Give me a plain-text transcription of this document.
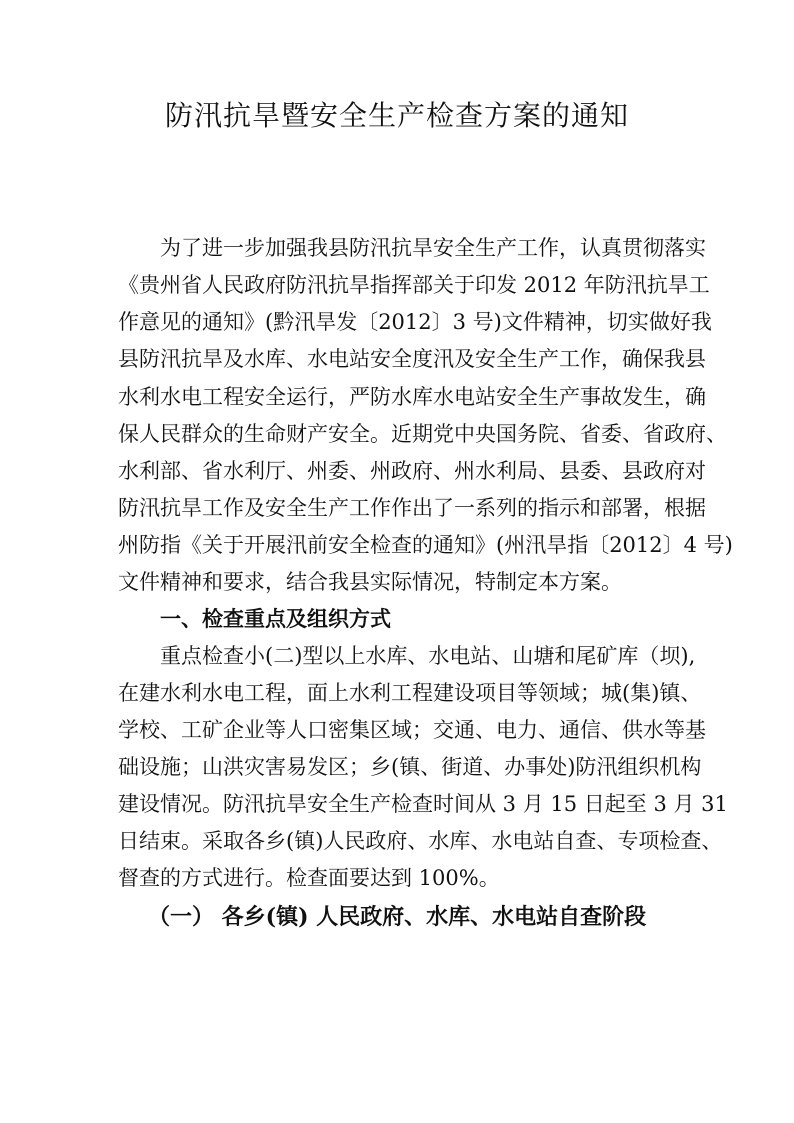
防汛抗旱暨安全生产检查方案的通知
为了进一步加强我县防汛抗旱安全生产工作，认真贯彻落实
《贵州省人民政府防汛抗旱指挥部关于印发 2012 年防汛抗旱工
作意见的通知》(黔汛旱发〔2012〕3 号)文件精神，切实做好我
县防汛抗旱及水库、水电站安全度汛及安全生产工作，确保我县
水利水电工程安全运行，严防水库水电站安全生产事故发生，确
保人民群众的生命财产安全。近期党中央国务院、省委、省政府、
水利部、省水利厅、州委、州政府、州水利局、县委、县政府对
防汛抗旱工作及安全生产工作作出了一系列的指示和部署，根据
州防指《关于开展汛前安全检查的通知》(州汛旱指〔2012〕4 号)
文件精神和要求，结合我县实际情况，特制定本方案。
一、检查重点及组织方式
重点检查小(二)型以上水库、水电站、山塘和尾矿库（坝),
在建水利水电工程，面上水利工程建设项目等领域；城(集)镇、
学校、工矿企业等人口密集区域；交通、电力、通信、供水等基
础设施；山洪灾害易发区；乡(镇、街道、办事处)防汛组织机构
建设情况。防汛抗旱安全生产检查时间从 3 月 15 日起至 3 月 31
日结束。采取各乡(镇)人民政府、水库、水电站自查、专项检查、
督查的方式进行。检查面要达到 100%。
（一） 各乡(镇) 人民政府、水库、水电站自查阶段
